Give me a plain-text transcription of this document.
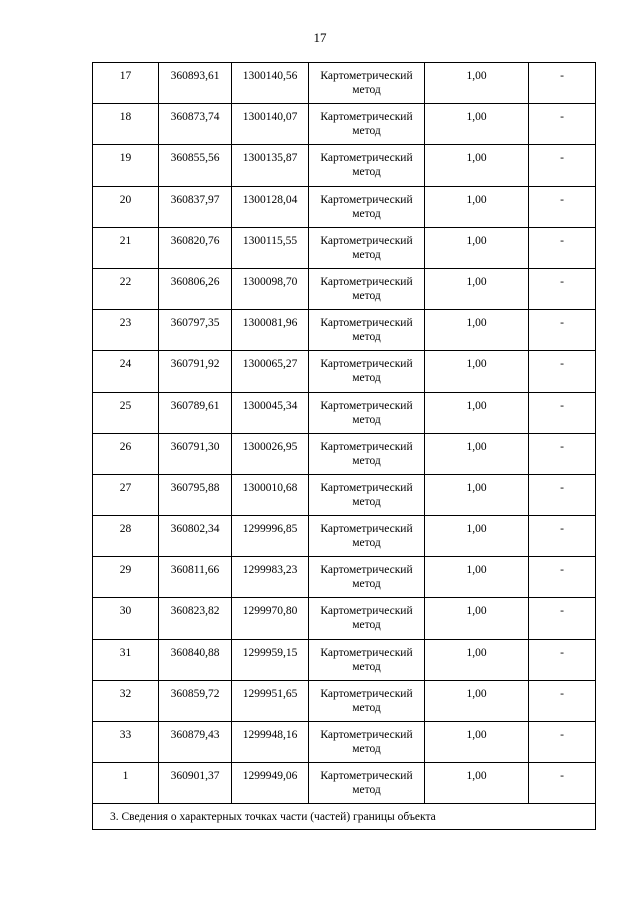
17
17	360893,61	1300140,56	Картометрический метод	1,00	-
18	360873,74	1300140,07	Картометрический метод	1,00	-
19	360855,56	1300135,87	Картометрический метод	1,00	-
20	360837,97	1300128,04	Картометрический метод	1,00	-
21	360820,76	1300115,55	Картометрический метод	1,00	-
22	360806,26	1300098,70	Картометрический метод	1,00	-
23	360797,35	1300081,96	Картометрический метод	1,00	-
24	360791,92	1300065,27	Картометрический метод	1,00	-
25	360789,61	1300045,34	Картометрический метод	1,00	-
26	360791,30	1300026,95	Картометрический метод	1,00	-
27	360795,88	1300010,68	Картометрический метод	1,00	-
28	360802,34	1299996,85	Картометрический метод	1,00	-
29	360811,66	1299983,23	Картометрический метод	1,00	-
30	360823,82	1299970,80	Картометрический метод	1,00	-
31	360840,88	1299959,15	Картометрический метод	1,00	-
32	360859,72	1299951,65	Картометрический метод	1,00	-
33	360879,43	1299948,16	Картометрический метод	1,00	-
1	360901,37	1299949,06	Картометрический метод	1,00	-
3. Сведения о характерных точках части (частей) границы объекта					
